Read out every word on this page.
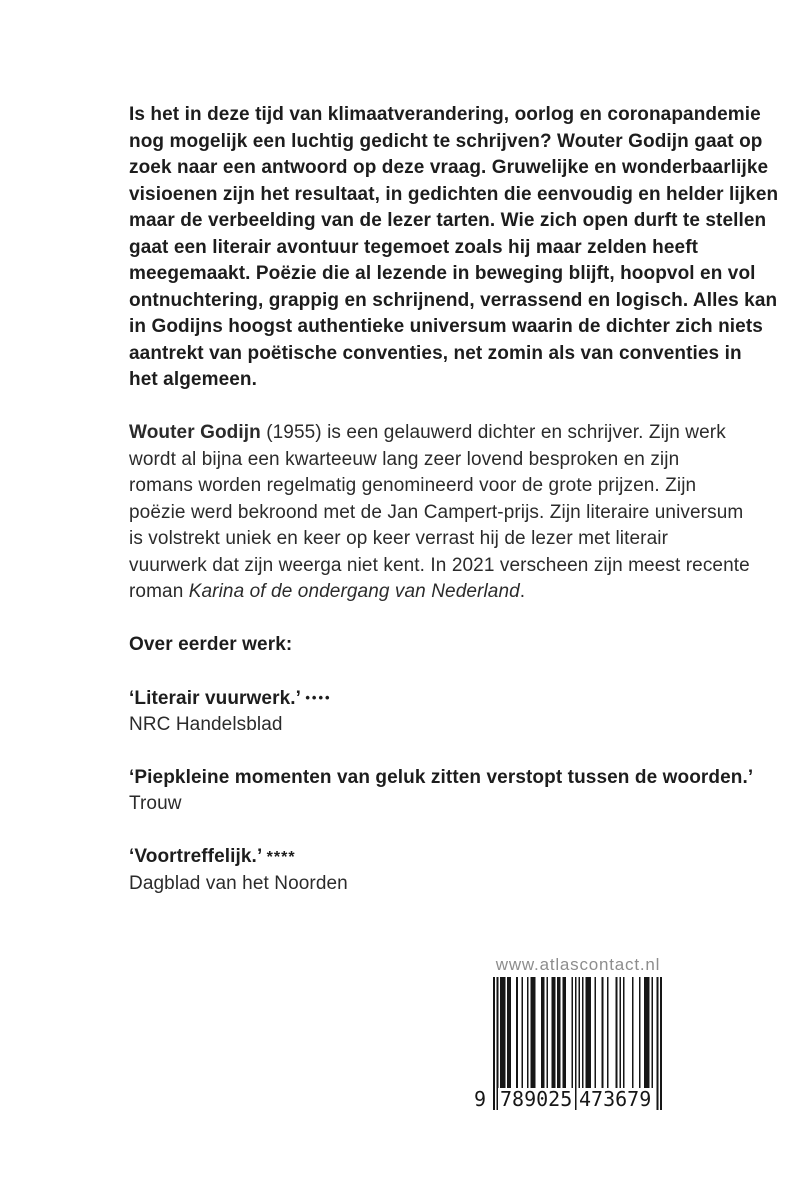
Is het in deze tijd van klimaatverandering, oorlog en coronapandemie
nog mogelijk een luchtig gedicht te schrijven? Wouter Godijn gaat op
zoek naar een antwoord op deze vraag. Gruwelijke en wonderbaarlijke
visioenen zijn het resultaat, in gedichten die eenvoudig en helder lijken
maar de verbeelding van de lezer tarten. Wie zich open durft te stellen
gaat een literair avontuur tegemoet zoals hij maar zelden heeft
meegemaakt. Poëzie die al lezende in beweging blijft, hoopvol en vol
ontnuchtering, grappig en schrijnend, verrassend en logisch. Alles kan
in Godijns hoogst authentieke universum waarin de dichter zich niets
aantrekt van poëtische conventies, net zomin als van conventies in
het algemeen.
Wouter Godijn (1955) is een gelauwerd dichter en schrijver. Zijn werk
wordt al bijna een kwarteeuw lang zeer lovend besproken en zijn
romans worden regelmatig genomineerd voor de grote prijzen. Zijn
poëzie werd bekroond met de Jan Campert-prijs. Zijn literaire universum
is volstrekt uniek en keer op keer verrast hij de lezer met literair
vuurwerk dat zijn weerga niet kent. In 2021 verscheen zijn meest recente
roman Karina of de ondergang van Nederland.
Over eerder werk:
‘Literair vuurwerk.’ ••••
NRC Handelsblad
‘Piepkleine momenten van geluk zitten verstopt tussen de woorden.’
Trouw
‘Voortreffelijk.’ ****
Dagblad van het Noorden
www.atlascontact.nl
9 789025 473679
